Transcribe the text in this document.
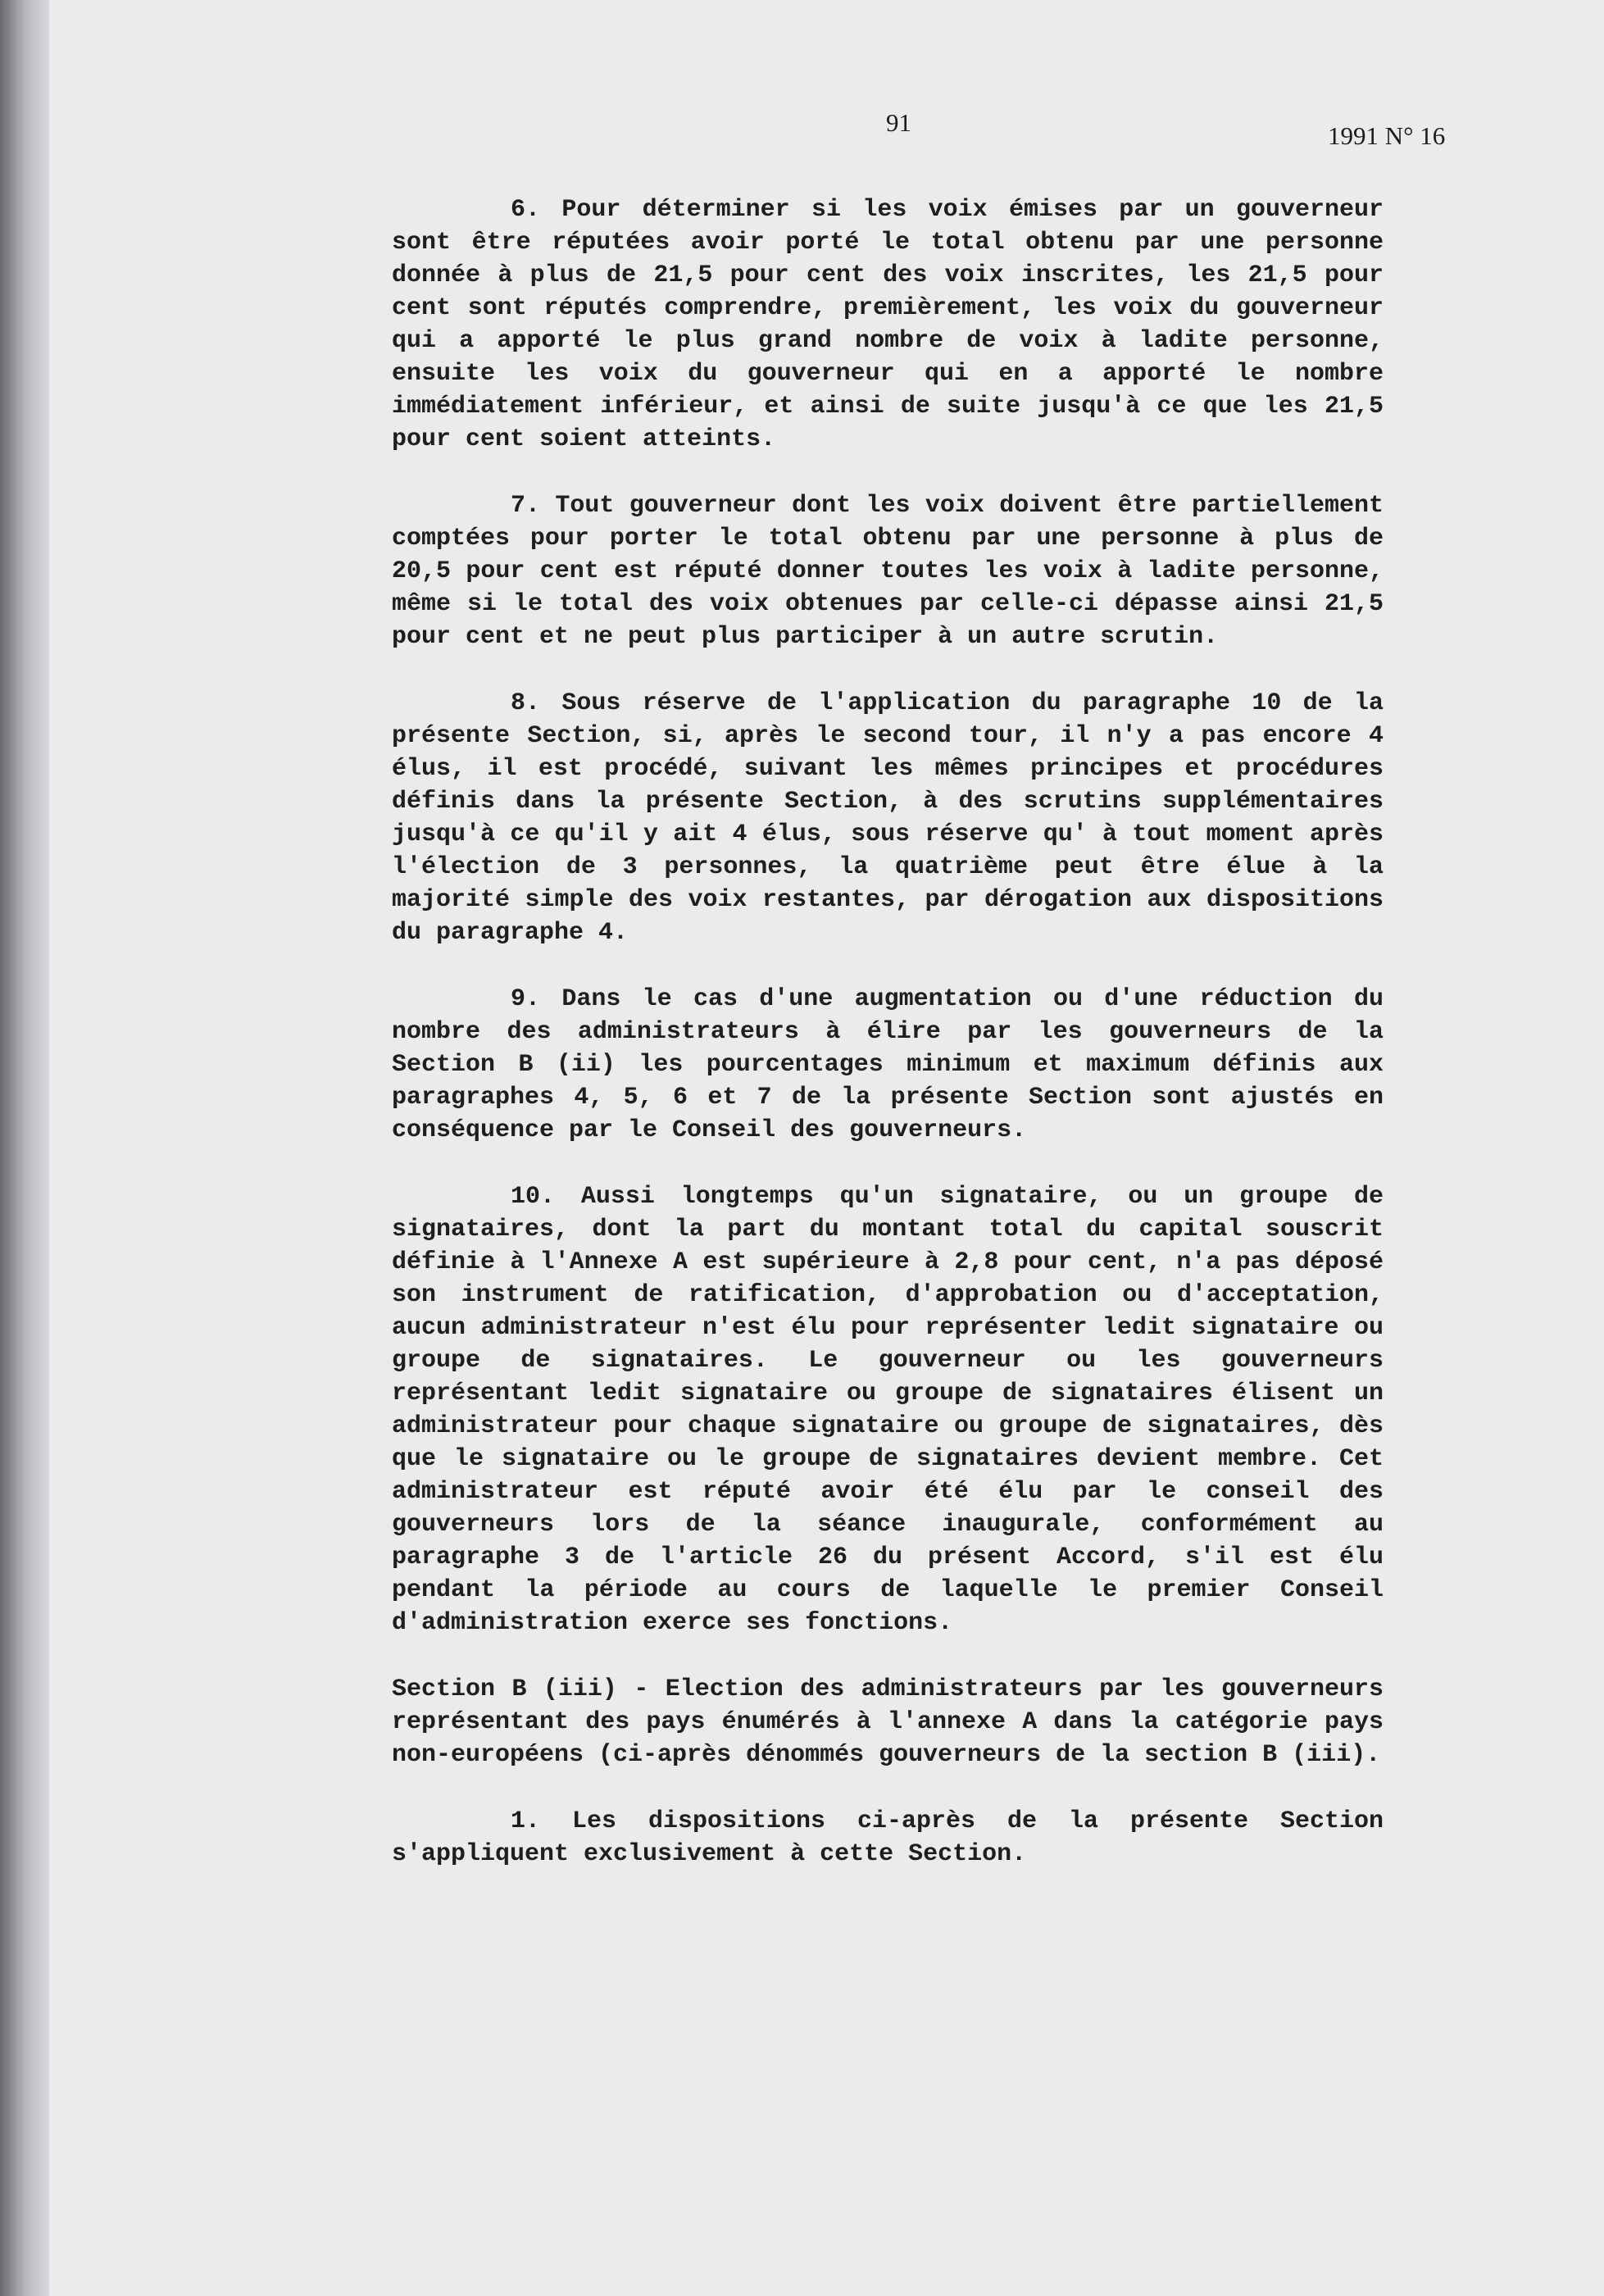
91	1991 N° 16

6. Pour déterminer si les voix émises par un gouverneur sont être réputées avoir porté le total obtenu par une personne donnée à plus de 21,5 pour cent des voix inscrites, les 21,5 pour cent sont réputés comprendre, premièrement, les voix du gouverneur qui a apporté le plus grand nombre de voix à ladite personne, ensuite les voix du gouverneur qui en a apporté le nombre immédiatement inférieur, et ainsi de suite jusqu'à ce que les 21,5 pour cent soient atteints.

7. Tout gouverneur dont les voix doivent être partiellement comptées pour porter le total obtenu par une personne à plus de 20,5 pour cent est réputé donner toutes les voix à ladite personne, même si le total des voix obtenues par celle-ci dépasse ainsi 21,5 pour cent et ne peut plus participer à un autre scrutin.

8. Sous réserve de l'application du paragraphe 10 de la présente Section, si, après le second tour, il n'y a pas encore 4 élus, il est procédé, suivant les mêmes principes et procédures définis dans la présente Section, à des scrutins supplémentaires jusqu'à ce qu'il y ait 4 élus, sous réserve qu' à tout moment après l'élection de 3 personnes, la quatrième peut être élue à la majorité simple des voix restantes, par dérogation aux dispositions du paragraphe 4.

9. Dans le cas d'une augmentation ou d'une réduction du nombre des administrateurs à élire par les gouverneurs de la Section B (ii) les pourcentages minimum et maximum définis aux paragraphes 4, 5, 6 et 7 de la présente Section sont ajustés en conséquence par le Conseil des gouverneurs.

10. Aussi longtemps qu'un signataire, ou un groupe de signataires, dont la part du montant total du capital souscrit définie à l'Annexe A est supérieure à 2,8 pour cent, n'a pas déposé son instrument de ratification, d'approbation ou d'acceptation, aucun administrateur n'est élu pour représenter ledit signataire ou groupe de signataires. Le gouverneur ou les gouverneurs représentant ledit signataire ou groupe de signataires élisent un administrateur pour chaque signataire ou groupe de signataires, dès que le signataire ou le groupe de signataires devient membre. Cet administrateur est réputé avoir été élu par le conseil des gouverneurs lors de la séance inaugurale, conformément au paragraphe 3 de l'article 26 du présent Accord, s'il est élu pendant la période au cours de laquelle le premier Conseil d'administration exerce ses fonctions.

Section B (iii) - Election des administrateurs par les gouverneurs représentant des pays énumérés à l'annexe A dans la catégorie pays non-européens (ci-après dénommés gouverneurs de la section B (iii).

1. Les dispositions ci-après de la présente Section s'appliquent exclusivement à cette Section.
